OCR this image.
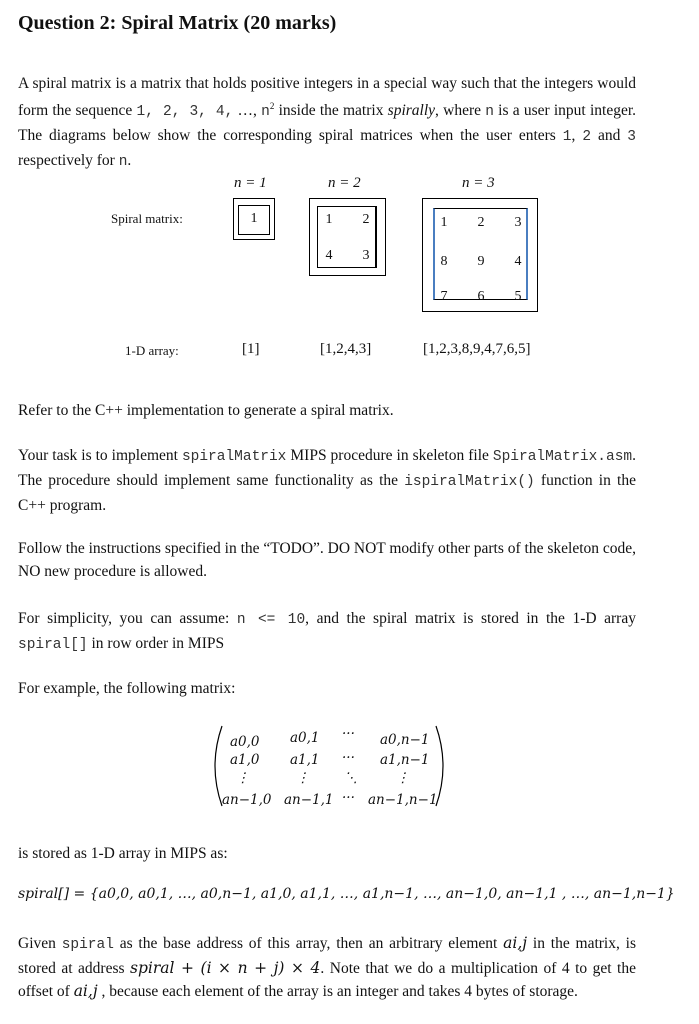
Question 2: Spiral Matrix (20 marks)

A spiral matrix is a matrix that holds positive integers in a special way such that the integers would form the sequence 1, 2, 3, 4, …, $n^2$ inside the matrix spirally, where n is a user input integer. The diagrams below show the corresponding spiral matrices when the user enters 1, 2 and 3 respectively for n.

Spiral matrix:
1-D array:
n = 1	n = 2	n = 3
1	1	2
4	3
1	2	3
8	9	4
7	6	5
[1]	[1,2,4,3]	[1,2,3,8,9,4,7,6,5]

Refer to the C++ implementation to generate a spiral matrix.

Your task is to implement spiralMatrix MIPS procedure in skeleton file SpiralMatrix.asm. The procedure should implement same functionality as the ispiralMatrix() function in the C++ program.

Follow the instructions specified in the “TODO”. DO NOT modify other parts of the skeleton code, NO new procedure is allowed.

For simplicity, you can assume: n <= 10, and the spiral matrix is stored in the 1-D array spiral[] in row order in MIPS

For example, the following matrix:

a0,0 a0,1 ··· a0,n−1
a1,0 a1,1 ··· a1,n−1
⋮	⋮	⋱	⋮
an−1,0 an−1,1 ··· an−1,n−1

is stored as 1-D array in MIPS as:

spiral[] = {a0,0, a0,1, …, a0,n−1, a1,0, a1,1, …, a1,n−1, …, an−1,0, an−1,1 , …, an−1,n−1}

Given spiral as the base address of this array, then an arbitrary element ai,j in the matrix, is stored at address spiral + (i × n + j) × 4. Note that we do a multiplication of 4 to get the offset of ai,j , because each element of the array is an integer and takes 4 bytes of storage.
